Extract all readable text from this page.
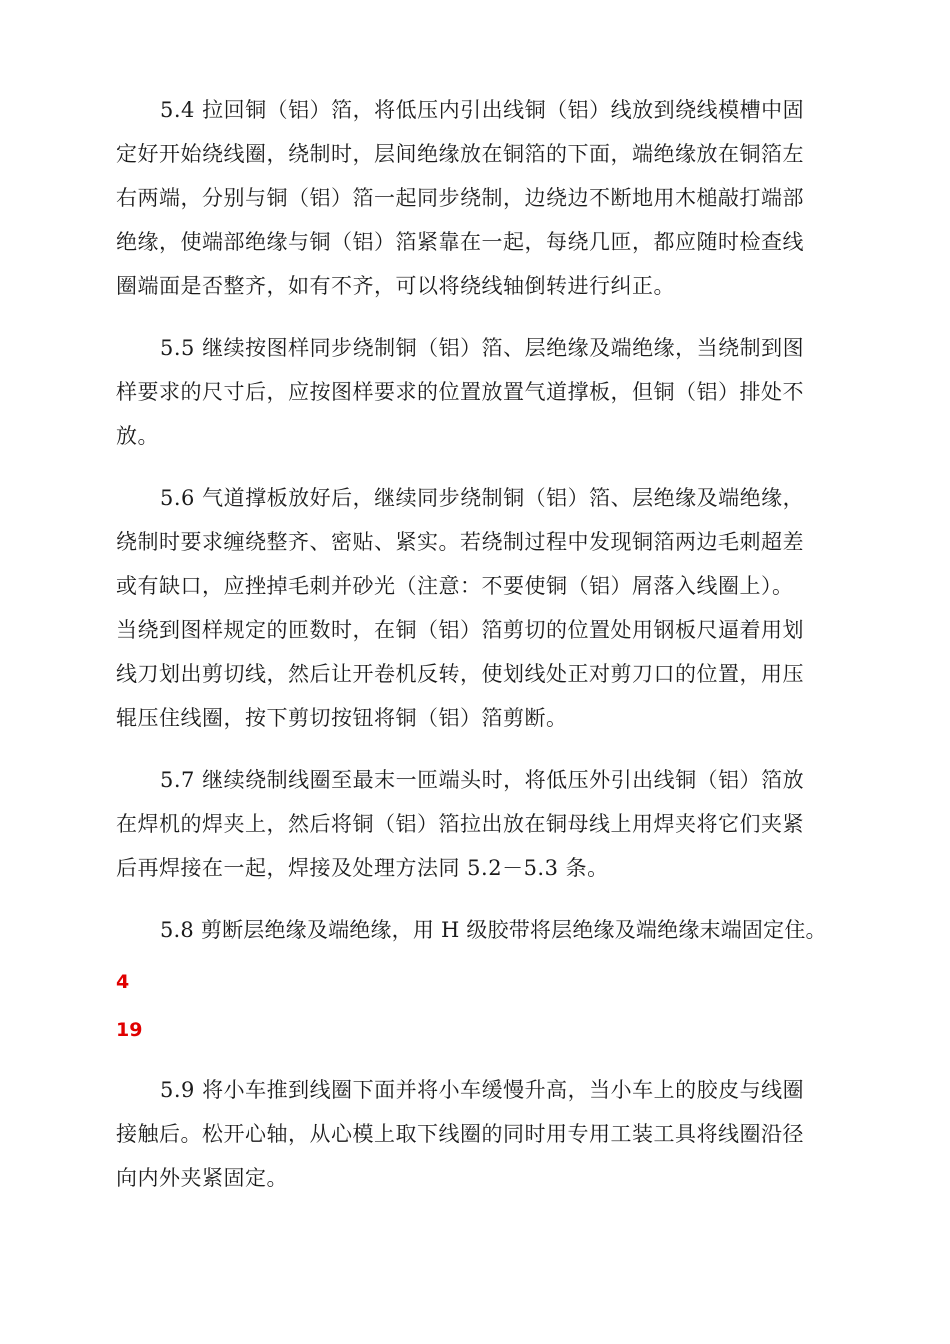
5.4 拉回铜（铝）箔，将低压内引出线铜（铝）线放到绕线模槽中固
定好开始绕线圈，绕制时，层间绝缘放在铜箔的下面，端绝缘放在铜箔左
右两端，分别与铜（铝）箔一起同步绕制，边绕边不断地用木槌敲打端部
绝缘，使端部绝缘与铜（铝）箔紧靠在一起，每绕几匝，都应随时检查线
圈端面是否整齐，如有不齐，可以将绕线轴倒转进行纠正。

5.5 继续按图样同步绕制铜（铝）箔、层绝缘及端绝缘，当绕制到图
样要求的尺寸后，应按图样要求的位置放置气道撑板，但铜（铝）排处不
放。

5.6 气道撑板放好后，继续同步绕制铜（铝）箔、层绝缘及端绝缘，
绕制时要求缠绕整齐、密贴、紧实。若绕制过程中发现铜箔两边毛刺超差
或有缺口，应挫掉毛刺并砂光（注意：不要使铜（铝）屑落入线圈上）。
当绕到图样规定的匝数时，在铜（铝）箔剪切的位置处用钢板尺逼着用划
线刀划出剪切线，然后让开卷机反转，使划线处正对剪刀口的位置，用压
辊压住线圈，按下剪切按钮将铜（铝）箔剪断。

5.7 继续绕制线圈至最末一匝端头时，将低压外引出线铜（铝）箔放
在焊机的焊夹上，然后将铜（铝）箔拉出放在铜母线上用焊夹将它们夹紧
后再焊接在一起，焊接及处理方法同 5.2－5.3 条。

5.8 剪断层绝缘及端绝缘，用 H 级胶带将层绝缘及端绝缘末端固定住。

4

19

5.9 将小车推到线圈下面并将小车缓慢升高，当小车上的胶皮与线圈
接触后。松开心轴，从心模上取下线圈的同时用专用工装工具将线圈沿径
向内外夹紧固定。
